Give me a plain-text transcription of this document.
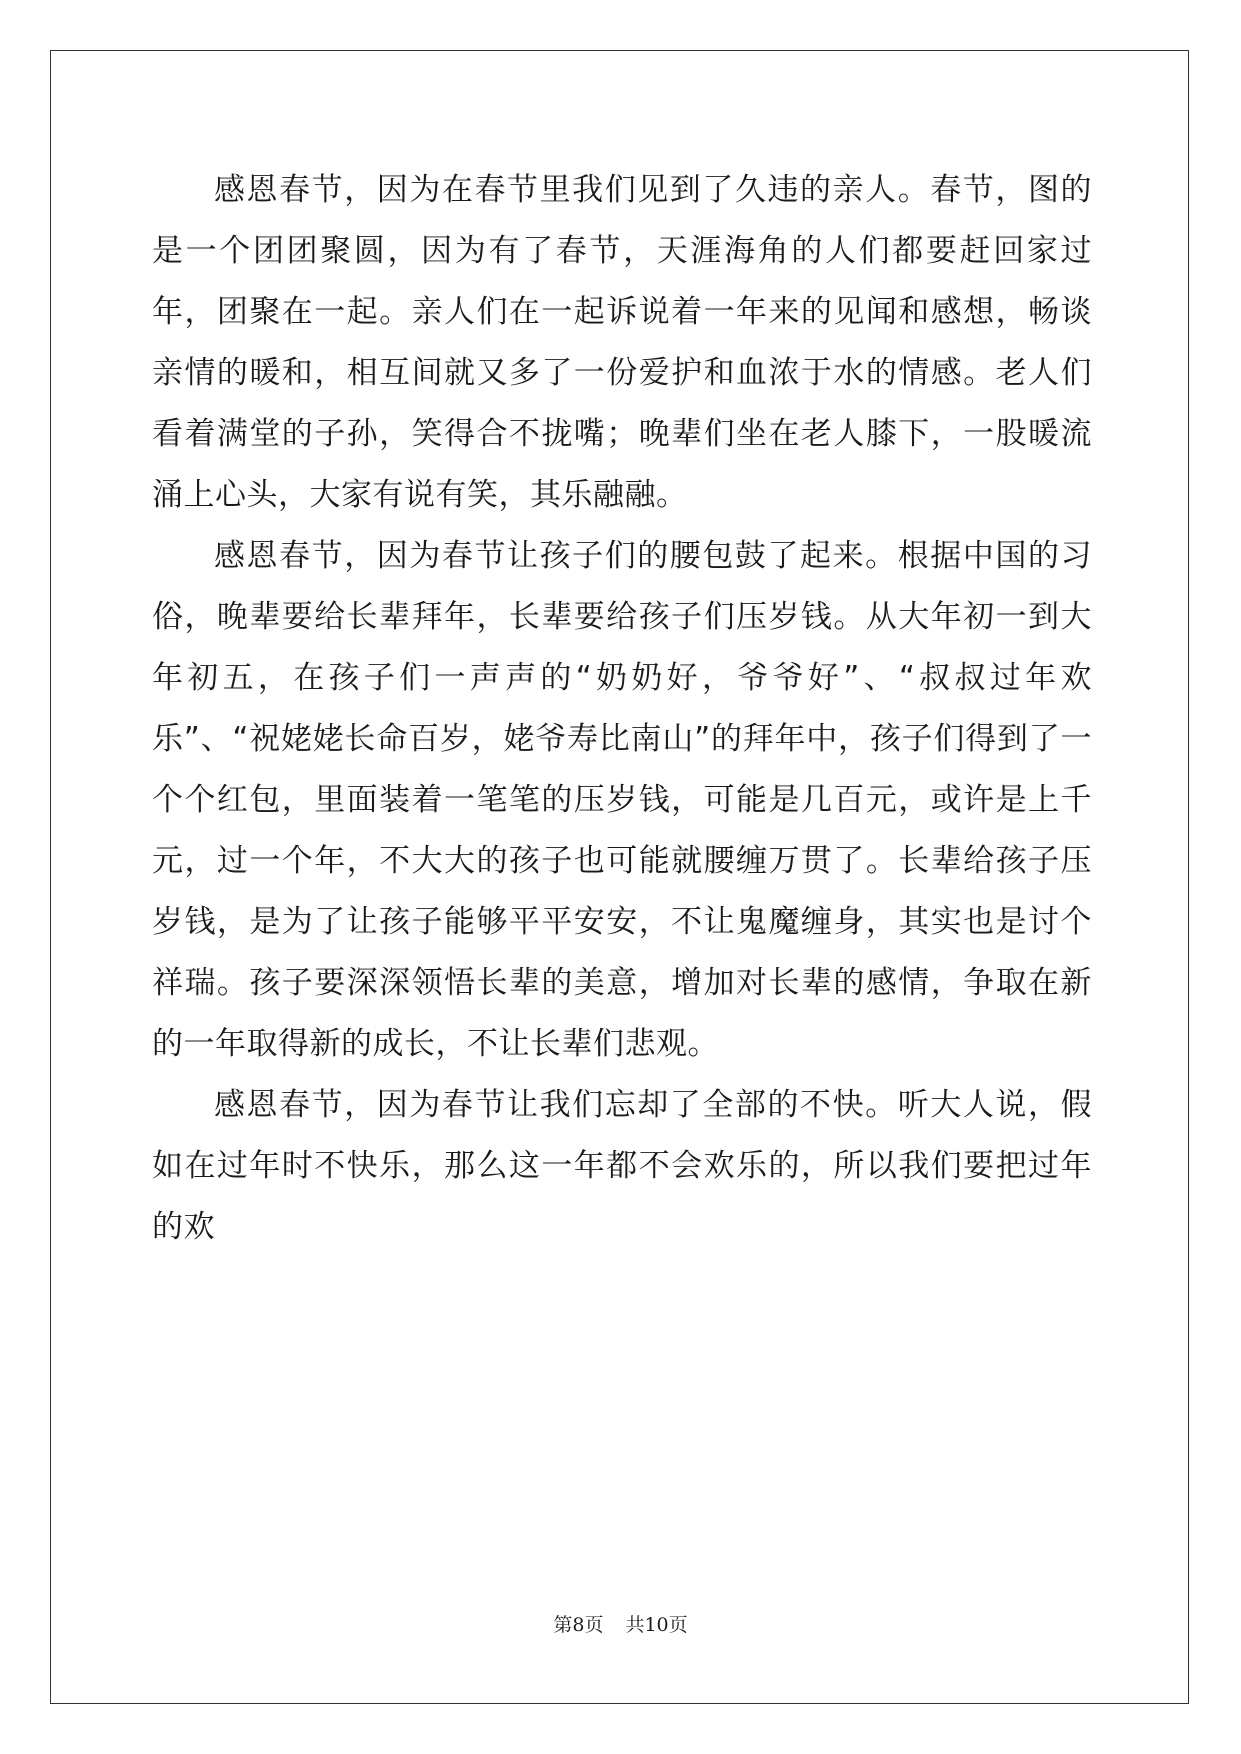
感恩春节，因为在春节里我们见到了久违的亲人。春节，图的是一个团团聚圆，因为有了春节，天涯海角的人们都要赶回家过年，团聚在一起。亲人们在一起诉说着一年来的见闻和感想，畅谈亲情的暖和，相互间就又多了一份爱护和血浓于水的情感。老人们看着满堂的子孙，笑得合不拢嘴；晚辈们坐在老人膝下，一股暖流涌上心头，大家有说有笑，其乐融融。

感恩春节，因为春节让孩子们的腰包鼓了起来。根据中国的习俗，晚辈要给长辈拜年，长辈要给孩子们压岁钱。从大年初一到大年初五，在孩子们一声声的“奶奶好，爷爷好”、“叔叔过年欢乐”、“祝姥姥长命百岁，姥爷寿比南山”的拜年中，孩子们得到了一个个红包，里面装着一笔笔的压岁钱，可能是几百元，或许是上千元，过一个年，不大大的孩子也可能就腰缠万贯了。长辈给孩子压岁钱，是为了让孩子能够平平安安，不让鬼魔缠身，其实也是讨个祥瑞。孩子要深深领悟长辈的美意，增加对长辈的感情，争取在新的一年取得新的成长，不让长辈们悲观。

感恩春节，因为春节让我们忘却了全部的不快。听大人说，假如在过年时不快乐，那么这一年都不会欢乐的，所以我们要把过年的欢

第8页 共10页
